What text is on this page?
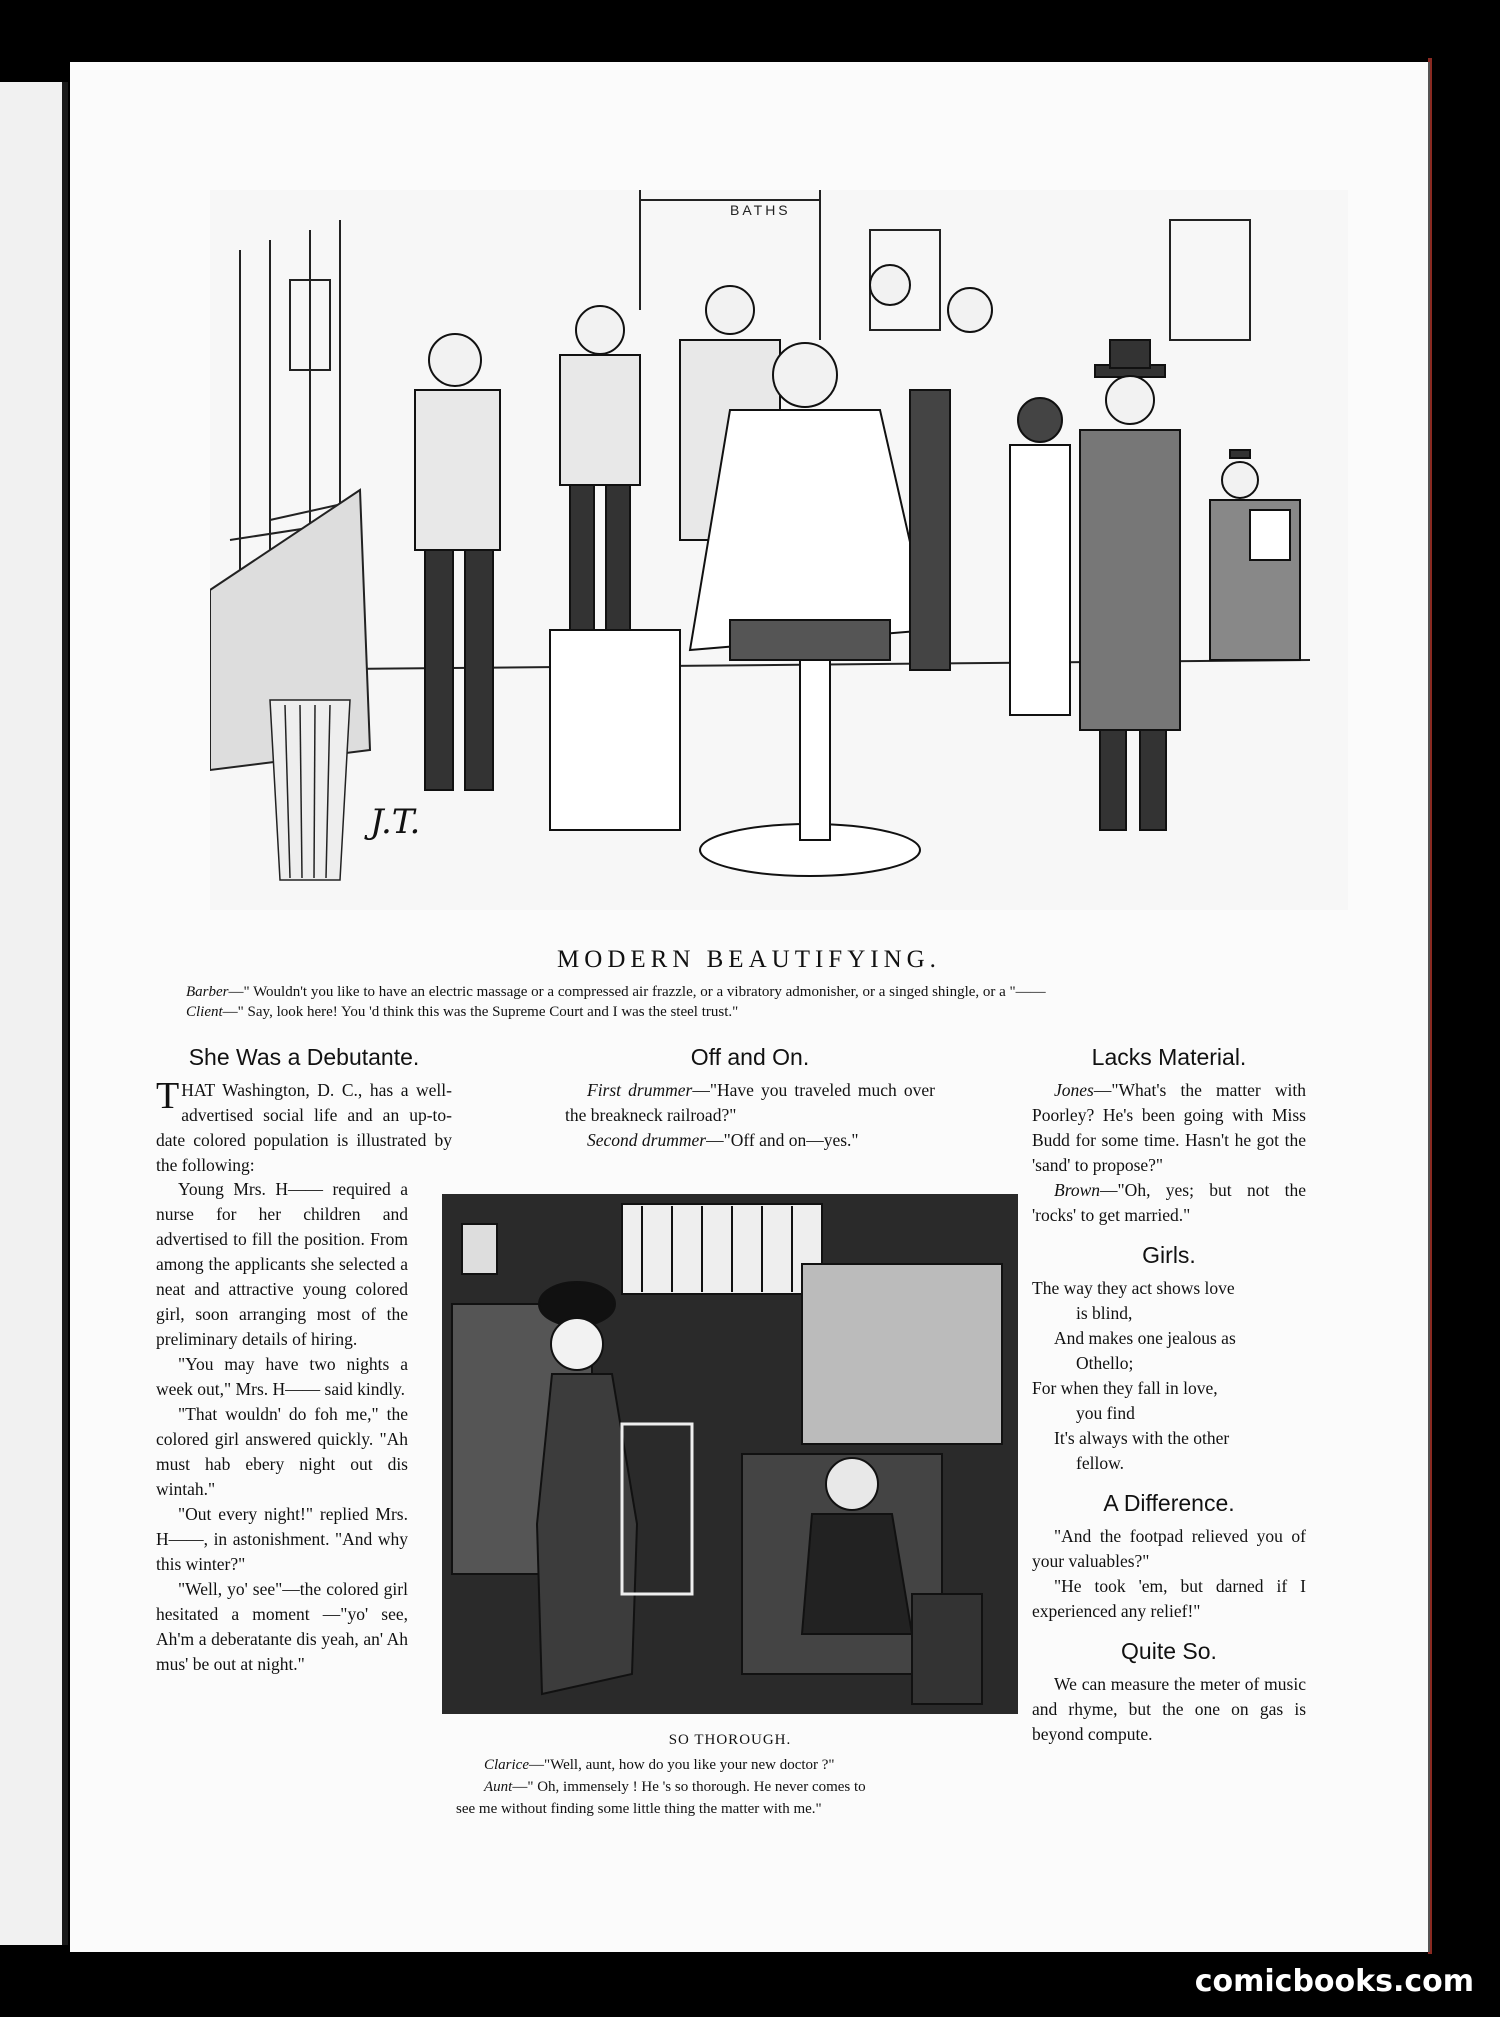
BATHS
J.T.
MODERN BEAUTIFYING.
Barber—" Wouldn't you like to have an electric massage or a compressed air frazzle, or a vibratory admonisher, or a singed shingle, or a "——
Client—" Say, look here! You 'd think this was the Supreme Court and I was the steel trust."
She Was a Debutante.

THAT Washington, D. C., has a well-advertised social life and an up-to-date colored population is illustrated by the following:

Young Mrs. H—— required a nurse for her children and advertised to fill the position. From among the applicants she selected a neat and attractive young colored girl, soon arranging most of the preliminary details of hiring.

"You may have two nights a week out," Mrs. H—— said kindly.

"That wouldn' do foh me," the colored girl answered quickly. "Ah must hab ebery night out dis wintah."

"Out every night!" replied Mrs. H——, in astonishment. "And why this winter?"

"Well, yo' see"—the colored girl hesitated a moment —"yo' see, Ah'm a deberatante dis yeah, an' Ah mus' be out at night."

Off and On.

First drummer—"Have you traveled much over the breakneck railroad?"

Second drummer—"Off and on—yes."

SO THOROUGH.
Clarice—"Well, aunt, how do you like your new doctor ?"
Aunt—" Oh, immensely ! He 's so thorough. He never comes to
see me without finding some little thing the matter with me."
Lacks Material.

Jones—"What's the matter with Poorley? He's been going with Miss Budd for some time. Hasn't he got the 'sand' to propose?"

Brown—"Oh, yes; but not the 'rocks' to get married."

Girls.
The way they act shows love
is blind,
And makes one jealous as
Othello;
For when they fall in love,
you find
It's always with the other
fellow.
A Difference.

"And the footpad relieved you of your valuables?"

"He took 'em, but darned if I experienced any relief!"

Quite So.

We can measure the meter of music and rhyme, but the one on gas is beyond compute.

comicbooks.com
